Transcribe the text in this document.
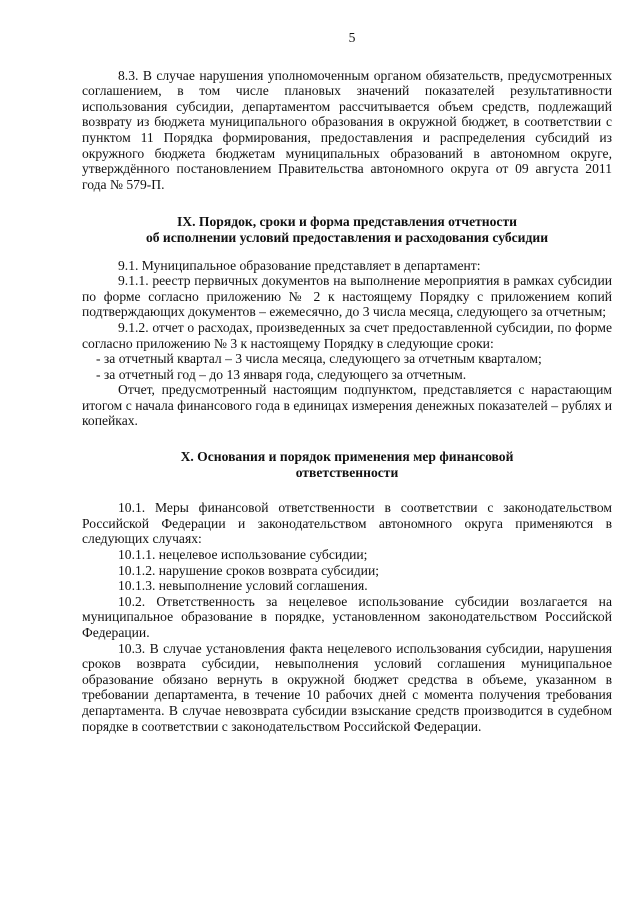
5

8.3. В случае нарушения уполномоченным органом обязательств, предусмотренных соглашением, в том числе плановых значений показателей результативности использования субсидии, департаментом рассчитывается объем средств, подлежащий возврату из бюджета муниципального образования в окружной бюджет, в соответствии с пунктом 11 Порядка формирования, предоставления и распределения субсидий из окружного бюджета бюджетам муниципальных образований в автономном округе, утверждённого постановлением Правительства автономного округа от 09 августа 2011 года № 579-П.

IX. Порядок, сроки и форма представления отчетности
об исполнении условий предоставления и расходования субсидии

9.1. Муниципальное образование представляет в департамент:

9.1.1. реестр первичных документов на выполнение мероприятия в рамках субсидии по форме согласно приложению № 2 к настоящему Порядку с приложением копий подтверждающих документов – ежемесячно, до 3 числа месяца, следующего за отчетным;

9.1.2. отчет о расходах, произведенных за счет предоставленной субсидии, по форме согласно приложению № 3 к настоящему Порядку в следующие сроки:

- за отчетный квартал – 3 числа месяца, следующего за отчетным кварталом;

- за отчетный год – до 13 января года, следующего за отчетным.

Отчет, предусмотренный настоящим подпунктом, представляется с нарастающим итогом с начала финансового года в единицах измерения денежных показателей – рублях и копейках.

X. Основания и порядок применения мер финансовой
ответственности

10.1. Меры финансовой ответственности в соответствии с законодательством Российской Федерации и законодательством автономного округа применяются в следующих случаях:

10.1.1. нецелевое использование субсидии;

10.1.2. нарушение сроков возврата субсидии;

10.1.3. невыполнение условий соглашения.

10.2. Ответственность за нецелевое использование субсидии возлагается на муниципальное образование в порядке, установленном законодательством Российской Федерации.

10.3. В случае установления факта нецелевого использования субсидии, нарушения сроков возврата субсидии, невыполнения условий соглашения муниципальное образование обязано вернуть в окружной бюджет средства в объеме, указанном в требовании департамента, в течение 10 рабочих дней с момента получения требования департамента. В случае невозврата субсидии взыскание средств производится в судебном порядке в соответствии с законодательством Российской Федерации.
